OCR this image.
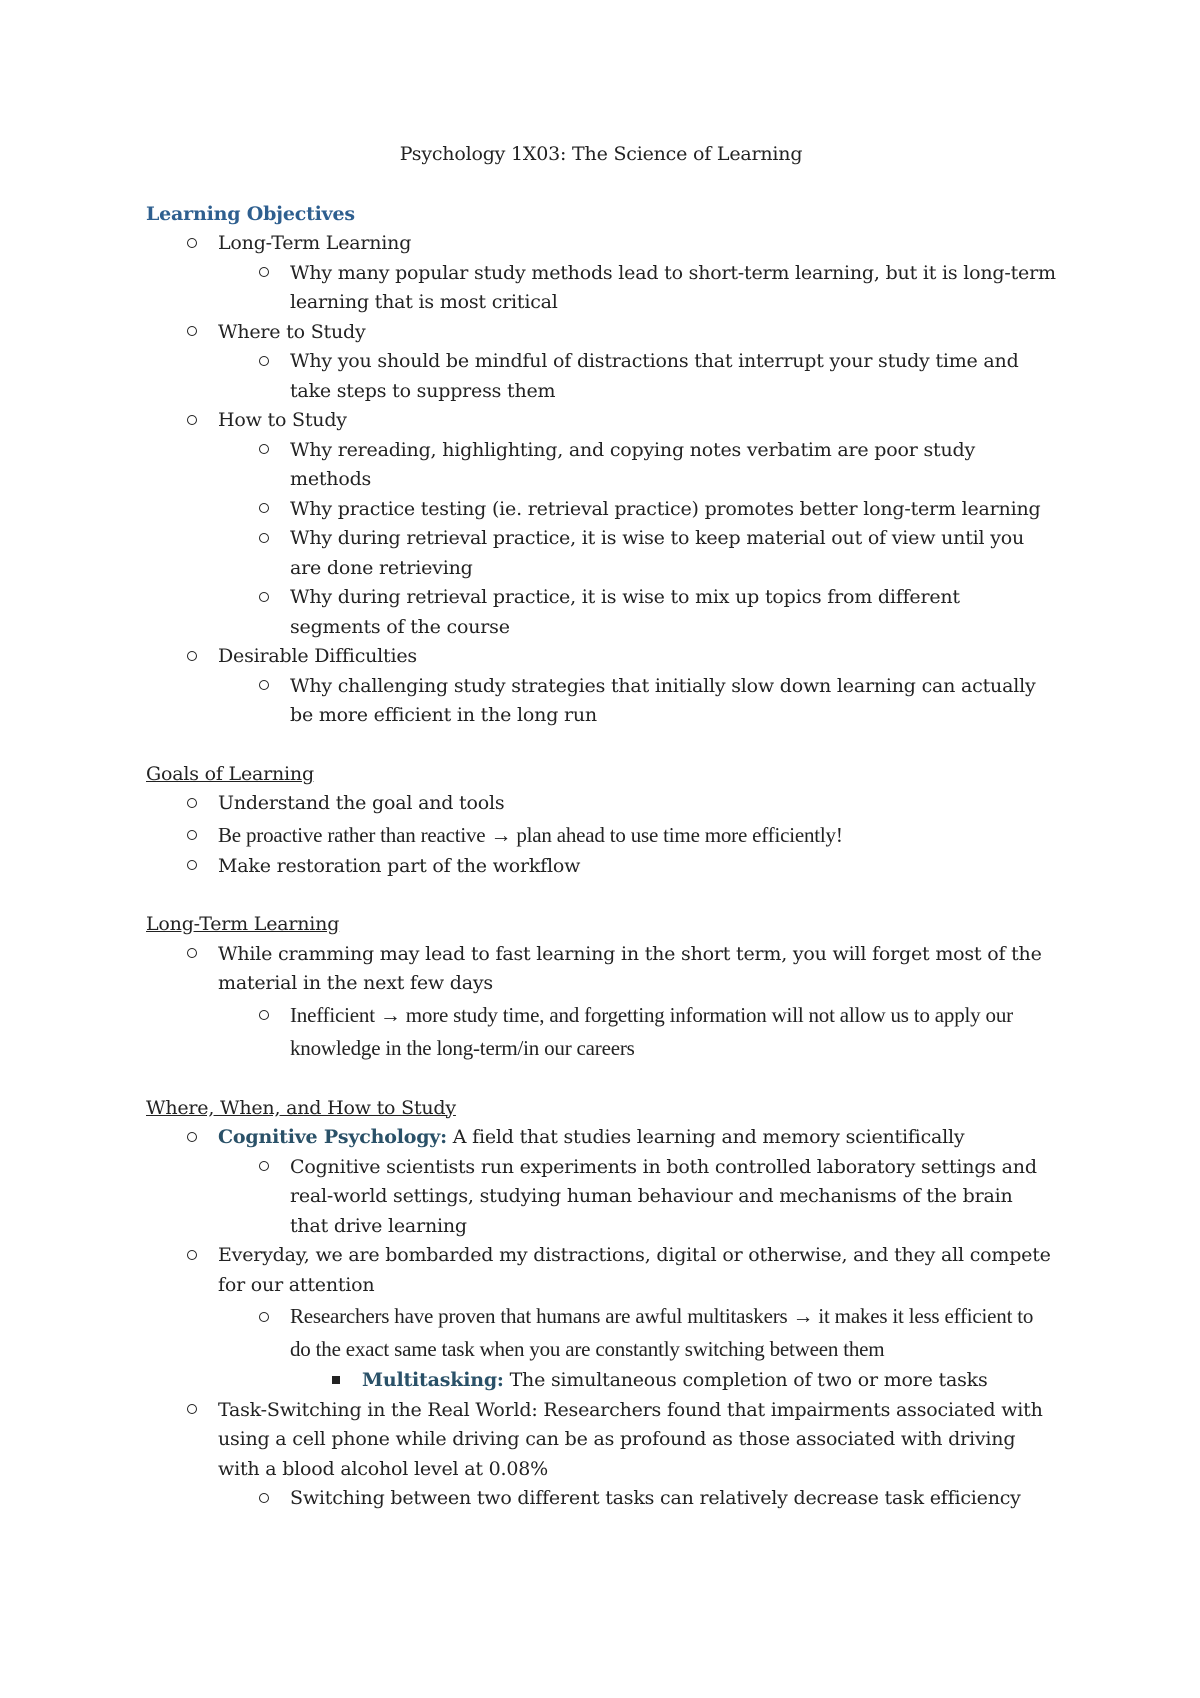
Psychology 1X03: The Science of Learning
Learning Objectives
Long-Term Learning
Why many popular study methods lead to short-term learning, but it is long-term learning that is most critical
Where to Study
Why you should be mindful of distractions that interrupt your study time and take steps to suppress them
How to Study
Why rereading, highlighting, and copying notes verbatim are poor study methods
Why practice testing (ie. retrieval practice) promotes better long-term learning
Why during retrieval practice, it is wise to keep material out of view until you are done retrieving
Why during retrieval practice, it is wise to mix up topics from different segments of the course
Desirable Difficulties
Why challenging study strategies that initially slow down learning can actually be more efficient in the long run
Goals of Learning
Understand the goal and tools
Be proactive rather than reactive → plan ahead to use time more efficiently!
Make restoration part of the workflow
Long-Term Learning
While cramming may lead to fast learning in the short term, you will forget most of the material in the next few days
Inefficient → more study time, and forgetting information will not allow us to apply our knowledge in the long-term/in our careers
Where, When, and How to Study
Cognitive Psychology: A field that studies learning and memory scientifically
Cognitive scientists run experiments in both controlled laboratory settings and real-world settings, studying human behaviour and mechanisms of the brain that drive learning
Everyday, we are bombarded my distractions, digital or otherwise, and they all compete for our attention
Researchers have proven that humans are awful multitaskers → it makes it less efficient to do the exact same task when you are constantly switching between them
Multitasking: The simultaneous completion of two or more tasks
Task-Switching in the Real World: Researchers found that impairments associated with using a cell phone while driving can be as profound as those associated with driving with a blood alcohol level at 0.08%
Switching between two different tasks can relatively decrease task efficiency
